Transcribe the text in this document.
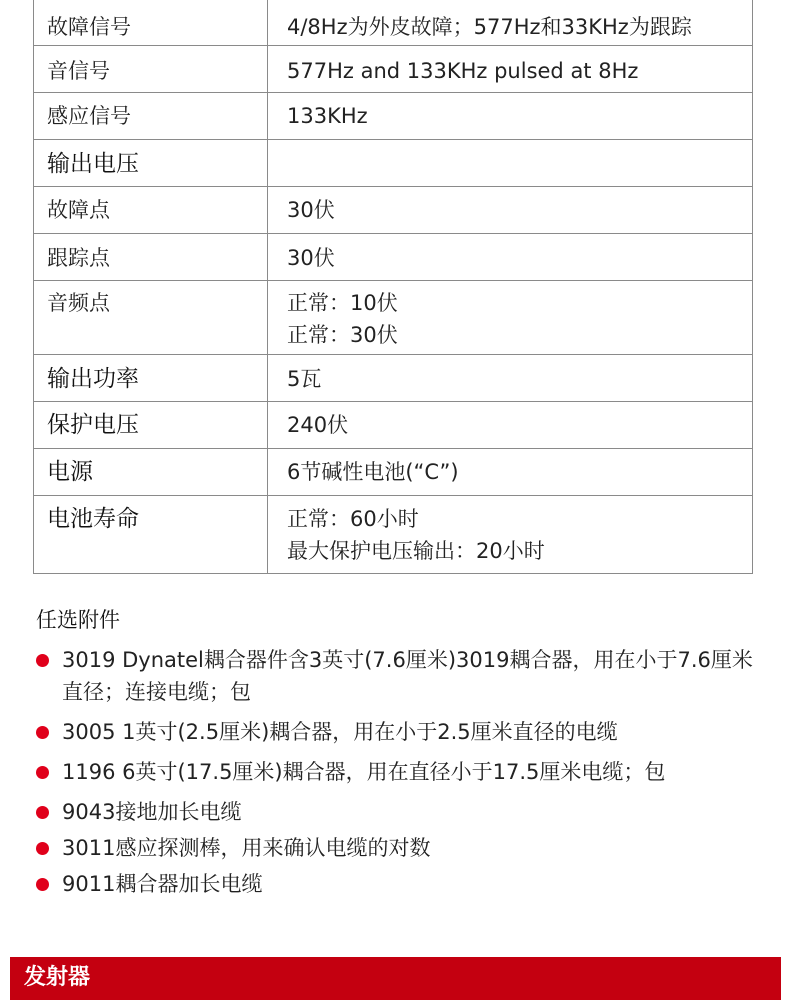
故障信号	4/8Hz为外皮故障；577Hz和33KHz为跟踪

音信号	577Hz and 133KHz pulsed at 8Hz

感应信号	133KHz

输出电压	

故障点	30伏

跟踪点	30伏

音频点	正常：10伏
正常：30伏

输出功率	5瓦

保护电压	240伏

电源	6节碱性电池(“C”)

电池寿命	正常：60小时
最大保护电压输出：20小时
任选附件
3019 Dynatel耦合器件含3英寸(7.6厘米)3019耦合器，用在小于7.6厘米直径；连接电缆；包
3005 1英寸(2.5厘米)耦合器，用在小于2.5厘米直径的电缆
1196 6英寸(17.5厘米)耦合器，用在直径小于17.5厘米电缆；包
9043接地加长电缆
3011感应探测棒，用来确认电缆的对数
9011耦合器加长电缆
发射器
